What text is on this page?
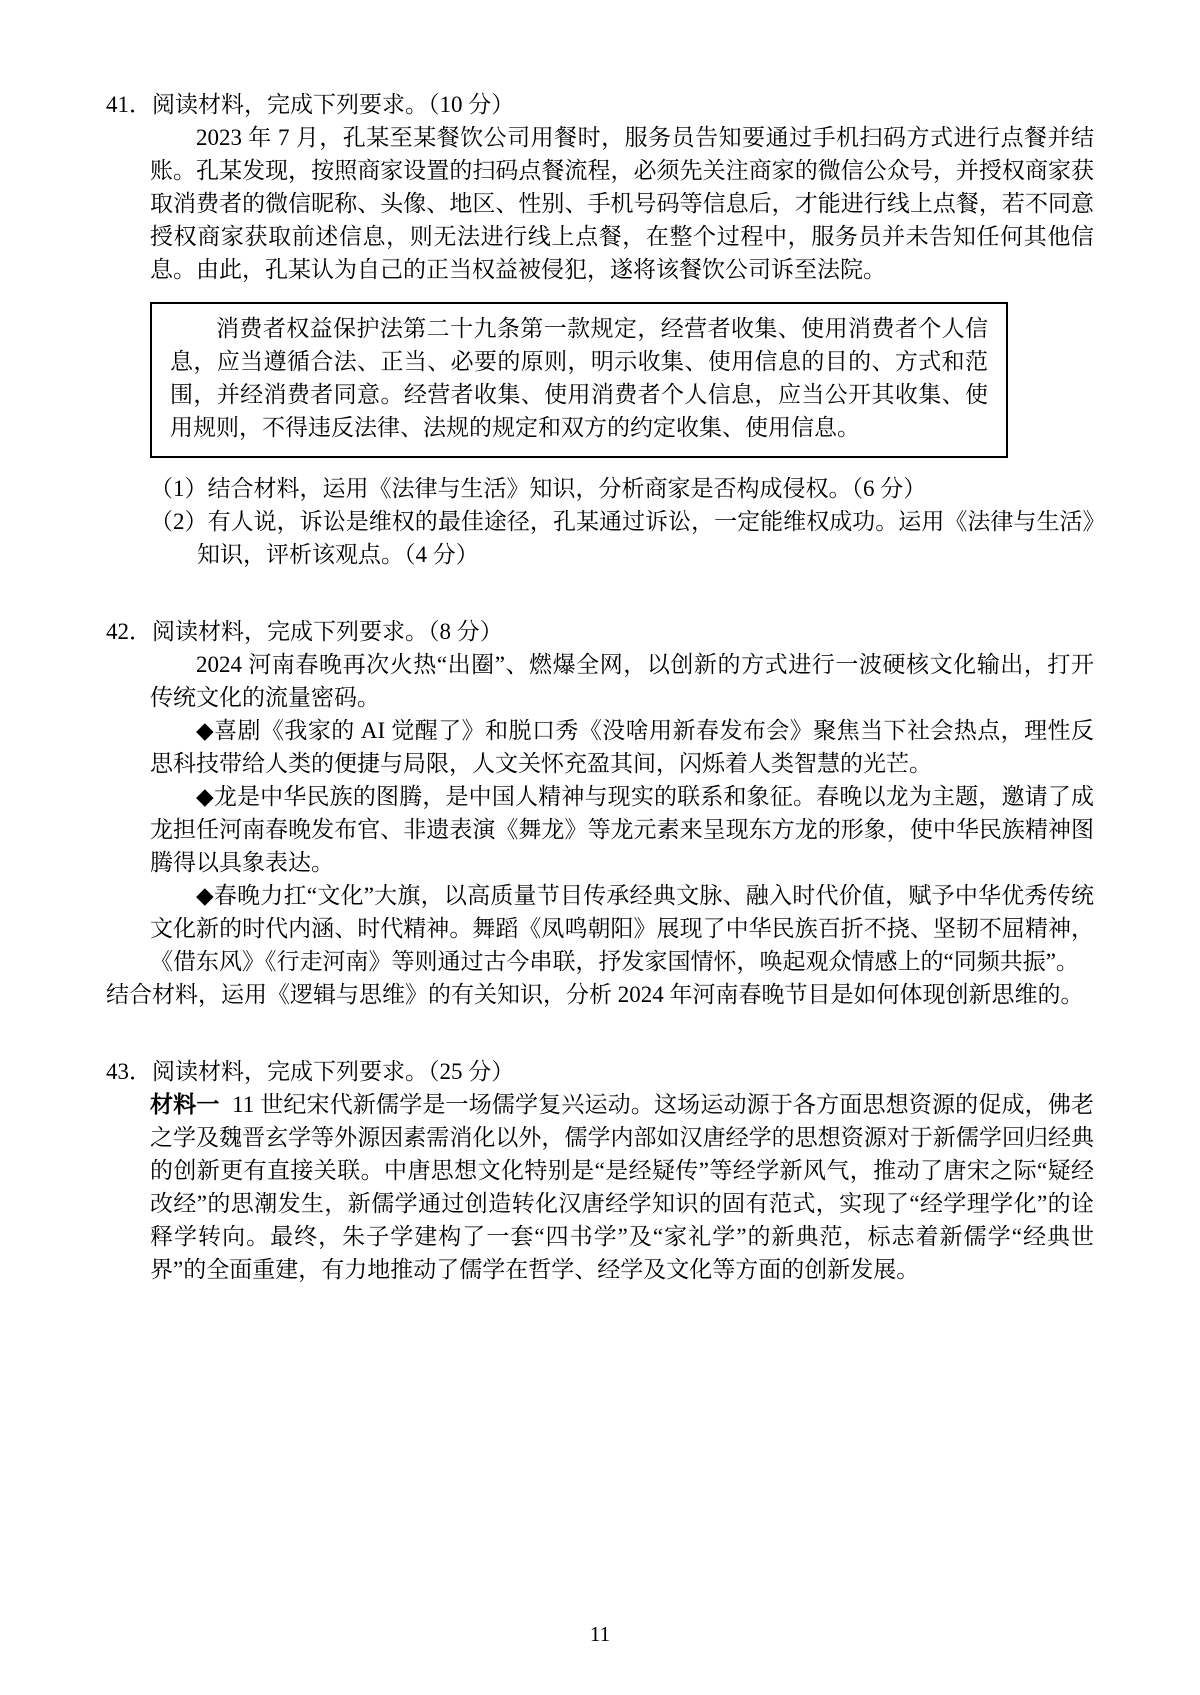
41．阅读材料，完成下列要求。（10 分）

2023 年 7 月，孔某至某餐饮公司用餐时，服务员告知要通过手机扫码方式进行点餐并结账。孔某发现，按照商家设置的扫码点餐流程，必须先关注商家的微信公众号，并授权商家获取消费者的微信昵称、头像、地区、性别、手机号码等信息后，才能进行线上点餐，若不同意授权商家获取前述信息，则无法进行线上点餐，在整个过程中，服务员并未告知任何其他信息。由此，孔某认为自己的正当权益被侵犯，遂将该餐饮公司诉至法院。

消费者权益保护法第二十九条第一款规定，经营者收集、使用消费者个人信息，应当遵循合法、正当、必要的原则，明示收集、使用信息的目的、方式和范围，并经消费者同意。经营者收集、使用消费者个人信息，应当公开其收集、使用规则，不得违反法律、法规的规定和双方的约定收集、使用信息。

（1）结合材料，运用《法律与生活》知识，分析商家是否构成侵权。（6 分）

（2）有人说，诉讼是维权的最佳途径，孔某通过诉讼，一定能维权成功。运用《法律与生活》知识，评析该观点。（4 分）

42．阅读材料，完成下列要求。（8 分）

2024 河南春晚再次火热“出圈”、燃爆全网，以创新的方式进行一波硬核文化输出，打开传统文化的流量密码。

◆喜剧《我家的 AI 觉醒了》和脱口秀《没啥用新春发布会》聚焦当下社会热点，理性反思科技带给人类的便捷与局限，人文关怀充盈其间，闪烁着人类智慧的光芒。

◆龙是中华民族的图腾，是中国人精神与现实的联系和象征。春晚以龙为主题，邀请了成龙担任河南春晚发布官、非遗表演《舞龙》等龙元素来呈现东方龙的形象，使中华民族精神图腾得以具象表达。

◆春晚力扛“文化”大旗，以高质量节目传承经典文脉、融入时代价值，赋予中华优秀传统文化新的时代内涵、时代精神。舞蹈《凤鸣朝阳》展现了中华民族百折不挠、坚韧不屈精神，《借东风》《行走河南》等则通过古今串联，抒发家国情怀，唤起观众情感上的“同频共振”。

结合材料，运用《逻辑与思维》的有关知识，分析 2024 年河南春晚节目是如何体现创新思维的。

43．阅读材料，完成下列要求。（25 分）

材料一 11 世纪宋代新儒学是一场儒学复兴运动。这场运动源于各方面思想资源的促成，佛老之学及魏晋玄学等外源因素需消化以外，儒学内部如汉唐经学的思想资源对于新儒学回归经典的创新更有直接关联。中唐思想文化特别是“是经疑传”等经学新风气，推动了唐宋之际“疑经改经”的思潮发生，新儒学通过创造转化汉唐经学知识的固有范式，实现了“经学理学化”的诠释学转向。最终，朱子学建构了一套“四书学”及“家礼学”的新典范，标志着新儒学“经典世界”的全面重建，有力地推动了儒学在哲学、经学及文化等方面的创新发展。

11
